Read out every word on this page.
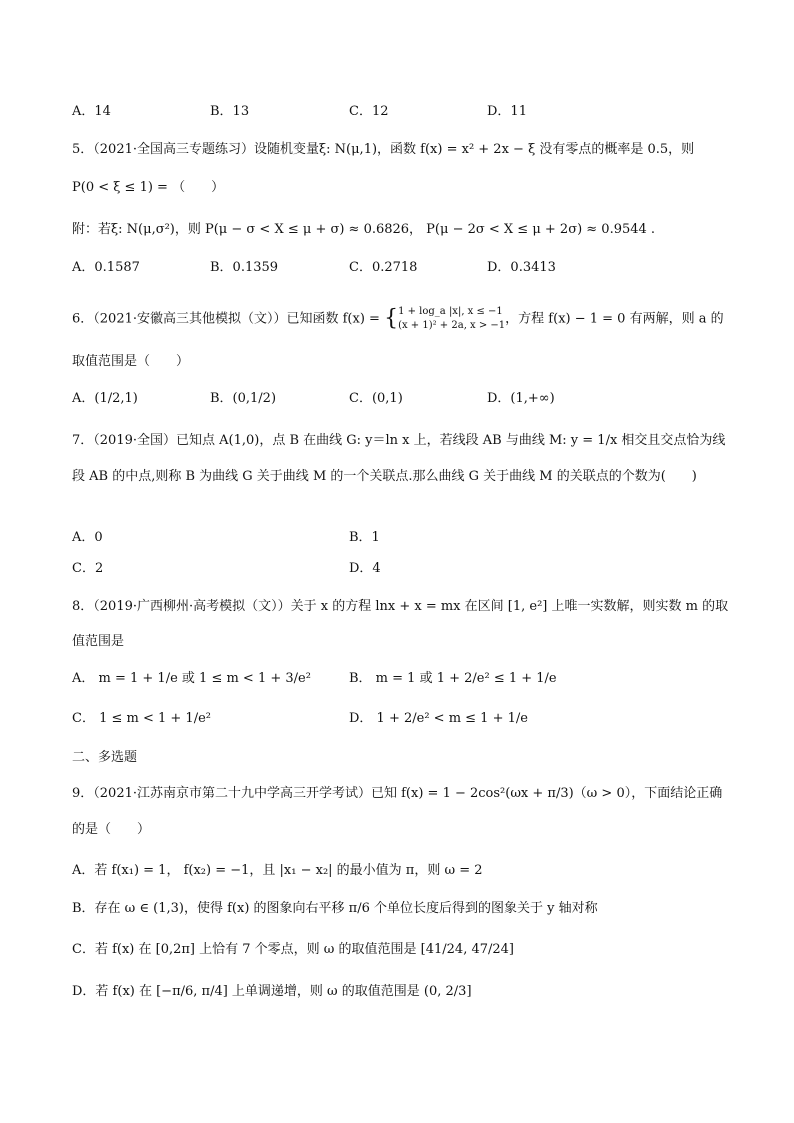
A．14	B．13	C．12	D．11
5．（2021·全国高三专题练习）设随机变量ξ: N(μ,1)，函数 f(x) = x² + 2x − ξ 没有零点的概率是 0.5，则
P(0 < ξ ≤ 1) = （　　）
附：若ξ: N(μ,σ²)，则 P(μ − σ < X ≤ μ + σ) ≈ 0.6826， P(μ − 2σ < X ≤ μ + 2σ) ≈ 0.9544 .
A．0.1587	B．0.1359	C．0.2718	D．0.3413
6．（2021·安徽高三其他模拟（文））已知函数 f(x) = { 1 + log_a |x|, x ≤ −1
(x + 1)² + 2a, x > −1 ，方程 f(x) − 1 = 0 有两解，则 a 的
取值范围是（　　）
A．(1/2,1)	B．(0,1/2)	C．(0,1)	D．(1,+∞)
7．（2019·全国）已知点 A(1,0)，点 B 在曲线 G: y＝ln x 上，若线段 AB 与曲线 M: y = 1/x 相交且交点恰为线
段 AB 的中点,则称 B 为曲线 G 关于曲线 M 的一个关联点.那么曲线 G 关于曲线 M 的关联点的个数为(　　)
A．0	B．1
C．2	D．4
8．（2019·广西柳州·高考模拟（文））关于 x 的方程 lnx + x = mx 在区间 [1, e²] 上唯一实数解，则实数 m 的取
值范围是
A． m = 1 + 1/e 或 1 ≤ m < 1 + 3/e²	B． m = 1 或 1 + 2/e² ≤ 1 + 1/e
C． 1 ≤ m < 1 + 1/e²	D． 1 + 2/e² < m ≤ 1 + 1/e
二、多选题
9．（2021·江苏南京市第二十九中学高三开学考试）已知 f(x) = 1 − 2cos²(ωx + π/3)（ω > 0），下面结论正确
的是（　　）
A．若 f(x₁) = 1， f(x₂) = −1，且 |x₁ − x₂| 的最小值为 π，则 ω = 2
B．存在 ω ∈ (1,3)，使得 f(x) 的图象向右平移 π/6 个单位长度后得到的图象关于 y 轴对称
C．若 f(x) 在 [0,2π] 上恰有 7 个零点，则 ω 的取值范围是 [41/24, 47/24]
D．若 f(x) 在 [−π/6, π/4] 上单调递增，则 ω 的取值范围是 (0, 2/3]
